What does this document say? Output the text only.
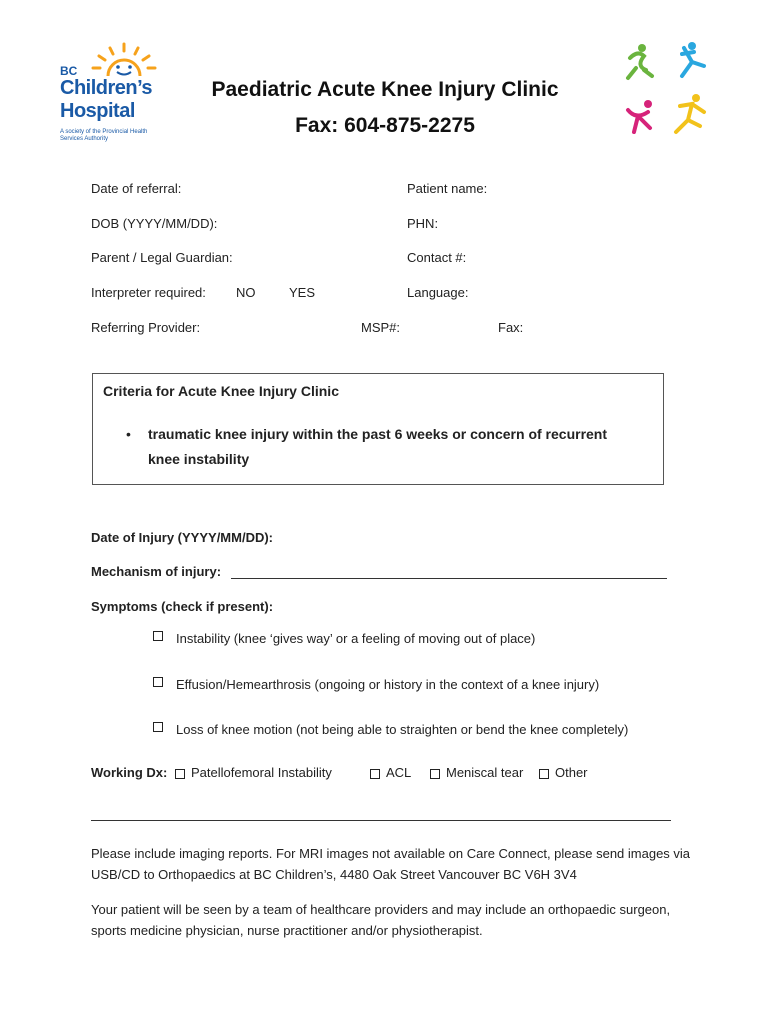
BC
Children’s
Hospital
A society of the Provincial Health Services Authority
Paediatric Acute Knee Injury Clinic
Fax: 604-875-2275
Date of referral:	Patient name:
DOB (YYYY/MM/DD):	PHN:
Parent / Legal Guardian:	Contact #:
Interpreter required: NO	YES	Language:
Referring Provider:	MSP#:	Fax:
Criteria for Acute Knee Injury Clinic
• traumatic knee injury within the past 6 weeks or concern of recurrent knee instability
Date of Injury (YYYY/MM/DD):
Mechanism of injury:
Symptoms (check if present):
Instability (knee ‘gives way’ or a feeling of moving out of place)
Effusion/Hemearthrosis (ongoing or history in the context of a knee injury)
Loss of knee motion (not being able to straighten or bend the knee completely)
Working Dx:	Patellofemoral Instability	ACL	Meniscal tear	Other
Please include imaging reports. For MRI images not available on Care Connect, please send images via USB/CD to Orthopaedics at BC Children’s, 4480 Oak Street Vancouver BC V6H 3V4
Your patient will be seen by a team of healthcare providers and may include an orthopaedic surgeon, sports medicine physician, nurse practitioner and/or physiotherapist.
